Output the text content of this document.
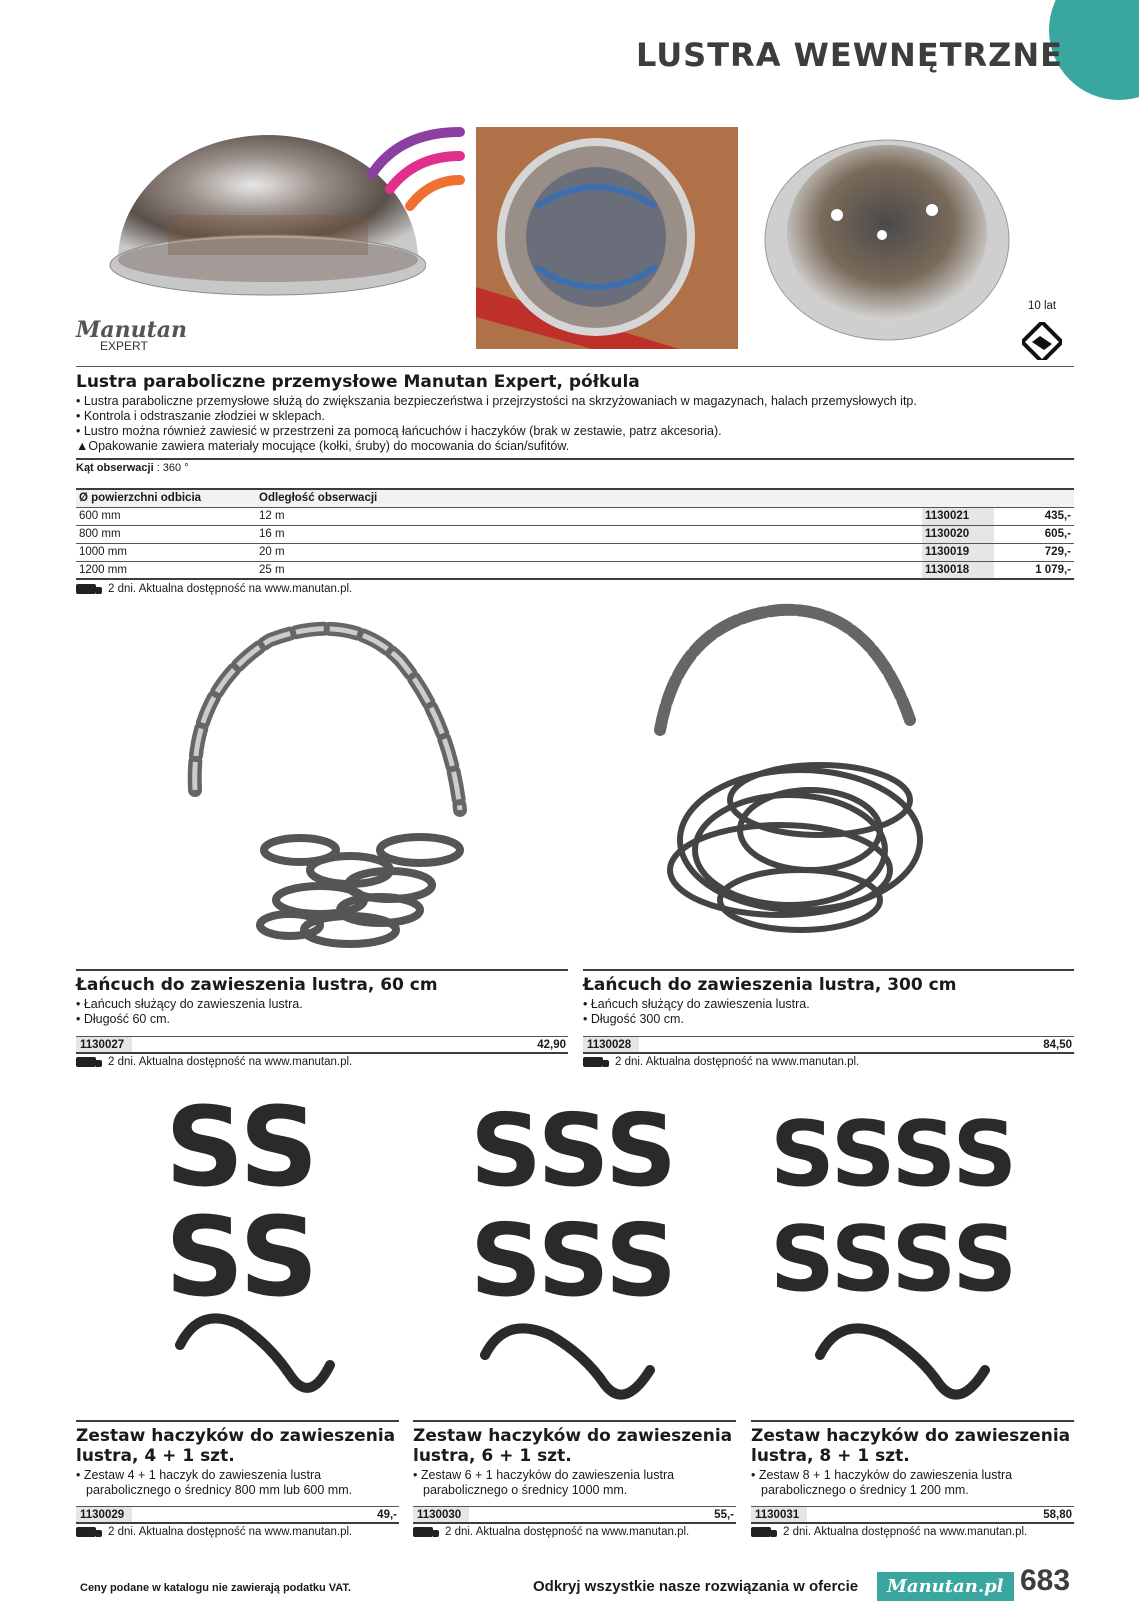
LUSTRA WEWNĘTRZNE
Manutan
EXPERT
10 lat
Lustra paraboliczne przemysłowe Manutan Expert, półkula
• Lustra paraboliczne przemysłowe służą do zwiększania bezpieczeństwa i przejrzystości na skrzyżowaniach w magazynach, halach przemysłowych itp.
• Kontrola i odstraszanie złodziei w sklepach.
• Lustro można również zawiesić w przestrzeni za pomocą łańcuchów i haczyków (brak w zestawie, patrz akcesoria).
▲Opakowanie zawiera materiały mocujące (kołki, śruby) do mocowania do ścian/sufitów.
Kąt obserwacji : 360 °
Ø powierzchni odbicia	Odległość obserwacji		
600 mm	12 m	1130021	435,-
800 mm	16 m	1130020	605,-
1000 mm	20 m	1130019	729,-
1200 mm	25 m	1130018	1 079,-
2 dni. Aktualna dostępność na www.manutan.pl.
Łańcuch do zawieszenia lustra, 60 cm
• Łańcuch służący do zawieszenia lustra.
• Długość 60 cm.
1130027	42,90
2 dni. Aktualna dostępność na www.manutan.pl.
Łańcuch do zawieszenia lustra, 300 cm
• Łańcuch służący do zawieszenia lustra.
• Długość 300 cm.
1130028	84,50
2 dni. Aktualna dostępność na www.manutan.pl.
SS
SS
SSS
SSS
SSSS
SSSS
Zestaw haczyków do zawieszenia
lustra, 4 + 1 szt.
• Zestaw 4 + 1 haczyk do zawieszenia lustra
parabolicznego o średnicy 800 mm lub 600 mm.
1130029	49,-
2 dni. Aktualna dostępność na www.manutan.pl.
Zestaw haczyków do zawieszenia
lustra, 6 + 1 szt.
• Zestaw 6 + 1 haczyków do zawieszenia lustra
parabolicznego o średnicy 1000 mm.
1130030	55,-
2 dni. Aktualna dostępność na www.manutan.pl.
Zestaw haczyków do zawieszenia
lustra, 8 + 1 szt.
• Zestaw 8 + 1 haczyków do zawieszenia lustra
parabolicznego o średnicy 1 200 mm.
1130031	58,80
2 dni. Aktualna dostępność na www.manutan.pl.
Ceny podane w katalogu nie zawierają podatku VAT.	Odkryj wszystkie nasze rozwiązania w ofercie	Manutan.pl 683
